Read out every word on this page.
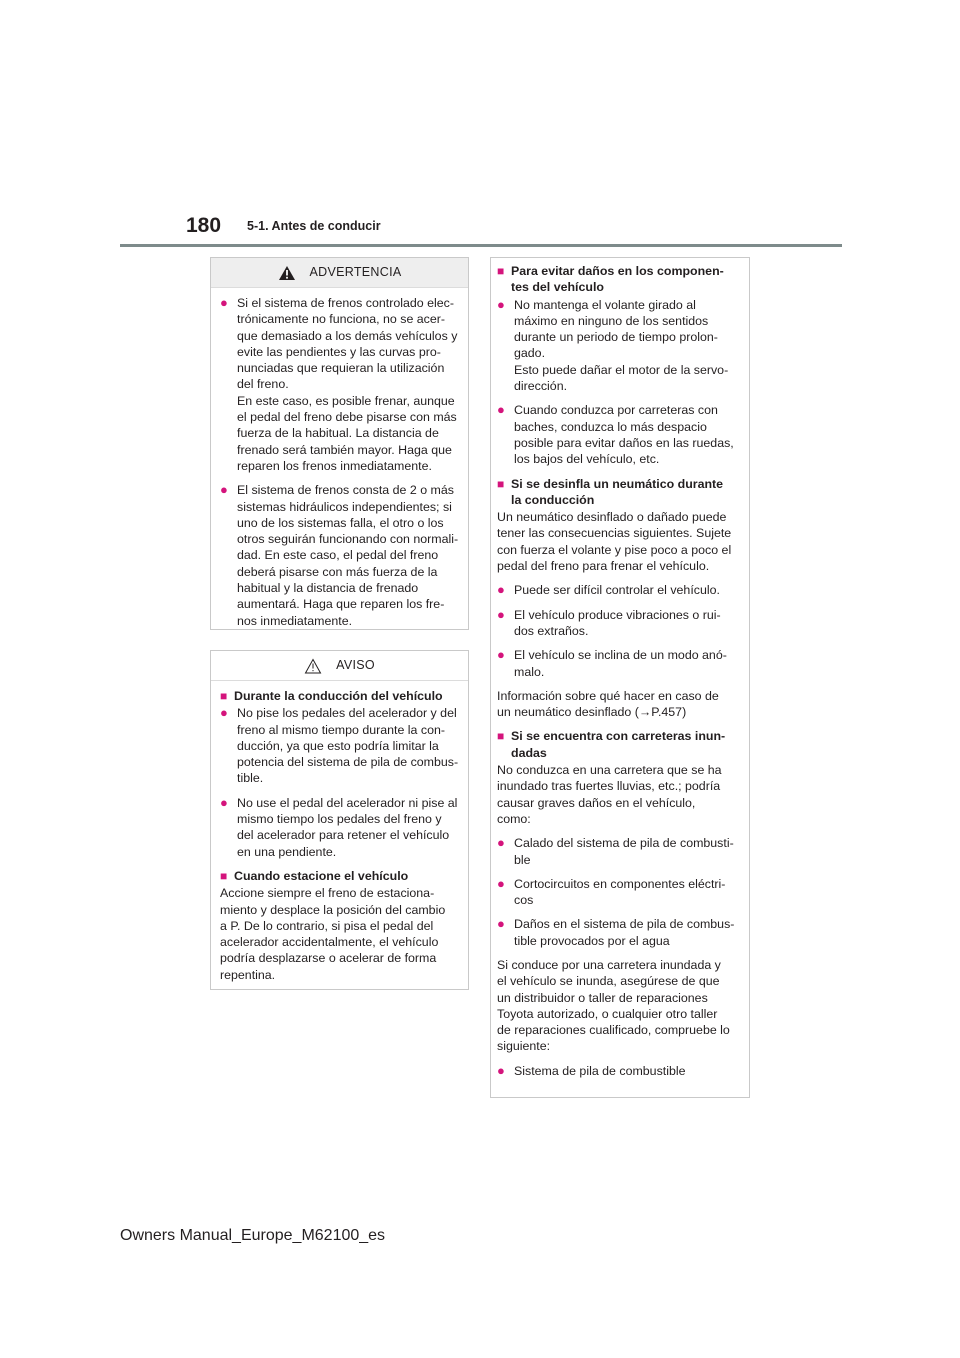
180 5-1. Antes de conducir
ADVERTENCIA
● Si el sistema de frenos controlado elec-
trónicamente no funciona, no se acer-
que demasiado a los demás vehículos y
evite las pendientes y las curvas pro-
nunciadas que requieran la utilización
del freno.
En este caso, es posible frenar, aunque
el pedal del freno debe pisarse con más
fuerza de la habitual. La distancia de
frenado será también mayor. Haga que
reparen los frenos inmediatamente.
● El sistema de frenos consta de 2 o más
sistemas hidráulicos independientes; si
uno de los sistemas falla, el otro o los
otros seguirán funcionando con normali-
dad. En este caso, el pedal del freno
deberá pisarse con más fuerza de la
habitual y la distancia de frenado
aumentará. Haga que reparen los fre-
nos inmediatamente.
AVISO
■ Durante la conducción del vehículo
● No pise los pedales del acelerador y del
freno al mismo tiempo durante la con-
ducción, ya que esto podría limitar la
potencia del sistema de pila de combus-
tible.
● No use el pedal del acelerador ni pise al
mismo tiempo los pedales del freno y
del acelerador para retener el vehículo
en una pendiente.
■ Cuando estacione el vehículo
Accione siempre el freno de estaciona-
miento y desplace la posición del cambio
a P. De lo contrario, si pisa el pedal del
acelerador accidentalmente, el vehículo
podría desplazarse o acelerar de forma
repentina.
■ Para evitar daños en los componen-
tes del vehículo
● No mantenga el volante girado al
máximo en ninguno de los sentidos
durante un periodo de tiempo prolon-
gado.
Esto puede dañar el motor de la servo-
dirección.
● Cuando conduzca por carreteras con
baches, conduzca lo más despacio
posible para evitar daños en las ruedas,
los bajos del vehículo, etc.
■ Si se desinfla un neumático durante
la conducción
Un neumático desinflado o dañado puede
tener las consecuencias siguientes. Sujete
con fuerza el volante y pise poco a poco el
pedal del freno para frenar el vehículo.
● Puede ser difícil controlar el vehículo.
● El vehículo produce vibraciones o rui-
dos extraños.
● El vehículo se inclina de un modo anó-
malo.
Información sobre qué hacer en caso de
un neumático desinflado (→P.457)
■ Si se encuentra con carreteras inun-
dadas
No conduzca en una carretera que se ha
inundado tras fuertes lluvias, etc.; podría
causar graves daños en el vehículo,
como:
● Calado del sistema de pila de combusti-
ble
● Cortocircuitos en componentes eléctri-
cos
● Daños en el sistema de pila de combus-
tible provocados por el agua
Si conduce por una carretera inundada y
el vehículo se inunda, asegúrese de que
un distribuidor o taller de reparaciones
Toyota autorizado, o cualquier otro taller
de reparaciones cualificado, compruebe lo
siguiente:
● Sistema de pila de combustible
Owners Manual_Europe_M62100_es
